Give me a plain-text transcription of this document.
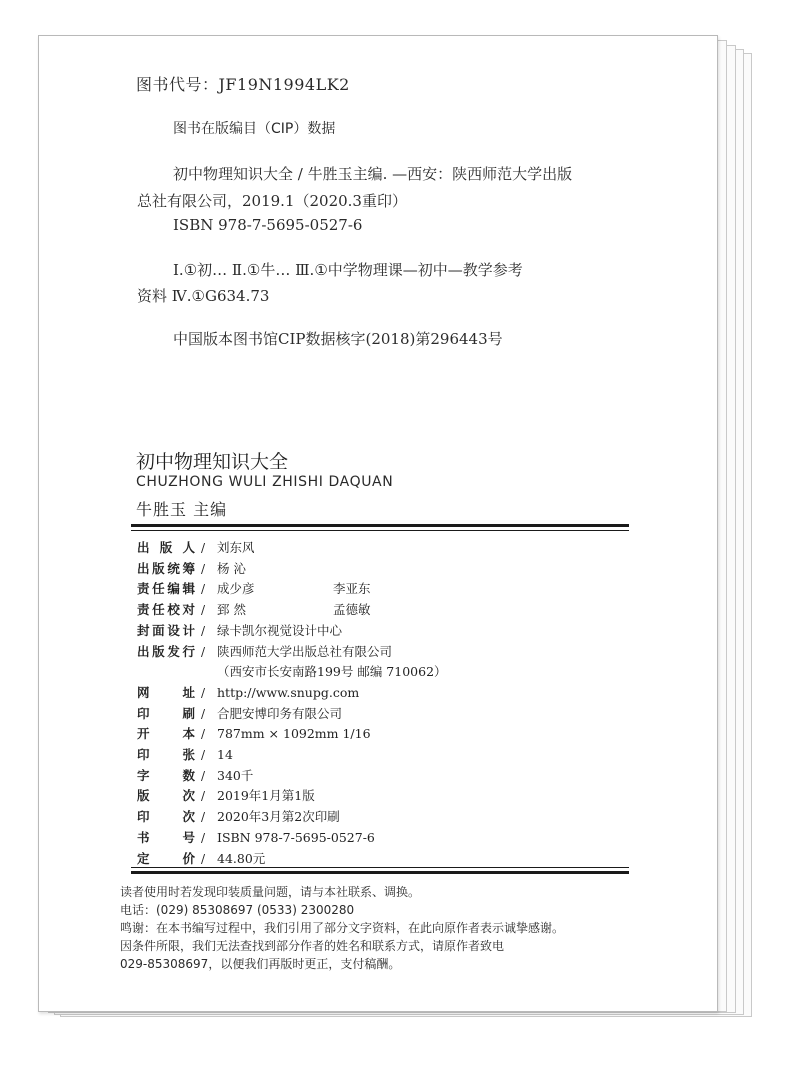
图书代号：JF19N1994LK2
图书在版编目（CIP）数据
初中物理知识大全 / 牛胜玉主编. —西安：陕西师范大学出版
总社有限公司，2019.1（2020.3重印）
ISBN 978-7-5695-0527-6
Ⅰ.①初… Ⅱ.①牛… Ⅲ.①中学物理课—初中—教学参考
资料 Ⅳ.①G634.73
中国版本图书馆CIP数据核字(2018)第296443号
初中物理知识大全
CHUZHONG WULI ZHISHI DAQUAN
牛胜玉 主编
出 版 人 / 刘东风
出 版 统 筹 / 杨 沁
责 任 编 辑 / 成少彦	李亚东
责 任 校 对 / 郅 然	孟德敏
封 面 设 计 / 绿卡凯尔视觉设计中心
出 版 发 行 / 陕西师范大学出版总社有限公司
（西安市长安南路199号 邮编 710062）
网	址 / http://www.snupg.com
印	刷 / 合肥安博印务有限公司
开	本 / 787mm × 1092mm 1/16
印	张 / 14
字	数 / 340千
版	次 / 2019年1月第1版
印	次 / 2020年3月第2次印刷
书	号 / ISBN 978-7-5695-0527-6
定	价 / 44.80元
读者使用时若发现印装质量问题，请与本社联系、调换。
电话：(029) 85308697 (0533) 2300280
鸣谢：在本书编写过程中，我们引用了部分文字资料，在此向原作者表示诚挚感谢。
因条件所限，我们无法查找到部分作者的姓名和联系方式，请原作者致电
029-85308697，以便我们再版时更正，支付稿酬。
